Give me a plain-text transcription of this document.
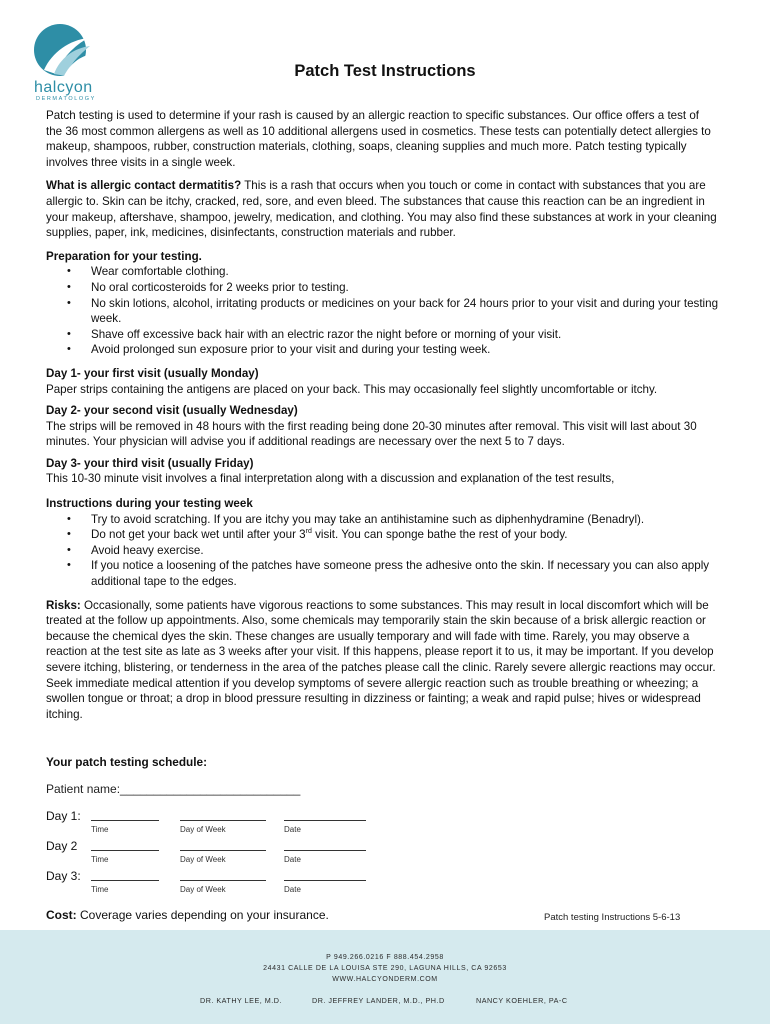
halcyon
DERMATOLOGY
Patch Test Instructions

Patch testing is used to determine if your rash is caused by an allergic reaction to specific substances. Our office offers a test of the 36 most common allergens as well as 10 additional allergens used in cosmetics. These tests can potentially detect allergies to makeup, shampoos, rubber, construction materials, clothing, soaps, cleaning supplies and much more. Patch testing typically involves three visits in a single week.

What is allergic contact dermatitis? This is a rash that occurs when you touch or come in contact with substances that you are allergic to. Skin can be itchy, cracked, red, sore, and even bleed. The substances that cause this reaction can be an ingredient in your makeup, aftershave, shampoo, jewelry, medication, and clothing. You may also find these substances at work in your cleaning supplies, paper, ink, medicines, disinfectants, construction materials and rubber.

Preparation for your testing.
• Wear comfortable clothing.
• No oral corticosteroids for 2 weeks prior to testing.
• No skin lotions, alcohol, irritating products or medicines on your back for 24 hours prior to your visit and during your testing week.
• Shave off excessive back hair with an electric razor the night before or morning of your visit.
• Avoid prolonged sun exposure prior to your visit and during your testing week.
Day 1- your first visit (usually Monday)
Paper strips containing the antigens are placed on your back. This may occasionally feel slightly uncomfortable or itchy.
Day 2- your second visit (usually Wednesday)
The strips will be removed in 48 hours with the first reading being done 20-30 minutes after removal. This visit will last about 30 minutes. Your physician will advise you if additional readings are necessary over the next 5 to 7 days.
Day 3- your third visit (usually Friday)
This 10-30 minute visit involves a final interpretation along with a discussion and explanation of the test results,
Instructions during your testing week
• Try to avoid scratching. If you are itchy you may take an antihistamine such as diphenhydramine (Benadryl).
• Do not get your back wet until after your 3rd visit. You can sponge bathe the rest of your body.
• Avoid heavy exercise.
• If you notice a loosening of the patches have someone press the adhesive onto the skin. If necessary you can also apply additional tape to the edges.

Risks: Occasionally, some patients have vigorous reactions to some substances. This may result in local discomfort which will be treated at the follow up appointments. Also, some chemicals may temporarily stain the skin because of a brisk allergic reaction or because the chemical dyes the skin. These changes are usually temporary and will fade with time. Rarely, you may observe a reaction at the test site as late as 3 weeks after your visit. If this happens, please report it to us, it may be important. If you develop severe itching, blistering, or tenderness in the area of the patches please call the clinic. Rarely severe allergic reactions may occur. Seek immediate medical attention if you develop symptoms of severe allergic reaction such as trouble breathing or wheezing; a swollen tongue or throat; a drop in blood pressure resulting in dizziness or fainting; a weak and rapid pulse; hives or widespread itching.

Your patch testing schedule:
Patient name:___________________________
Day 1:
Time	Day of Week	Date
Day 2
Time	Day of Week	Date
Day 3:
Time	Day of Week	Date
Cost: Coverage varies depending on your insurance.	Patch testing Instructions 5-6-13
P 949.266.0216 F 888.454.2958
24431 CALLE DE LA LOUISA STE 290, LAGUNA HILLS, CA 92653
WWW.HALCYONDERM.COM
DR. KATHY LEE, M.D.	DR. JEFFREY LANDER, M.D., PH.D	NANCY KOEHLER, PA-C
